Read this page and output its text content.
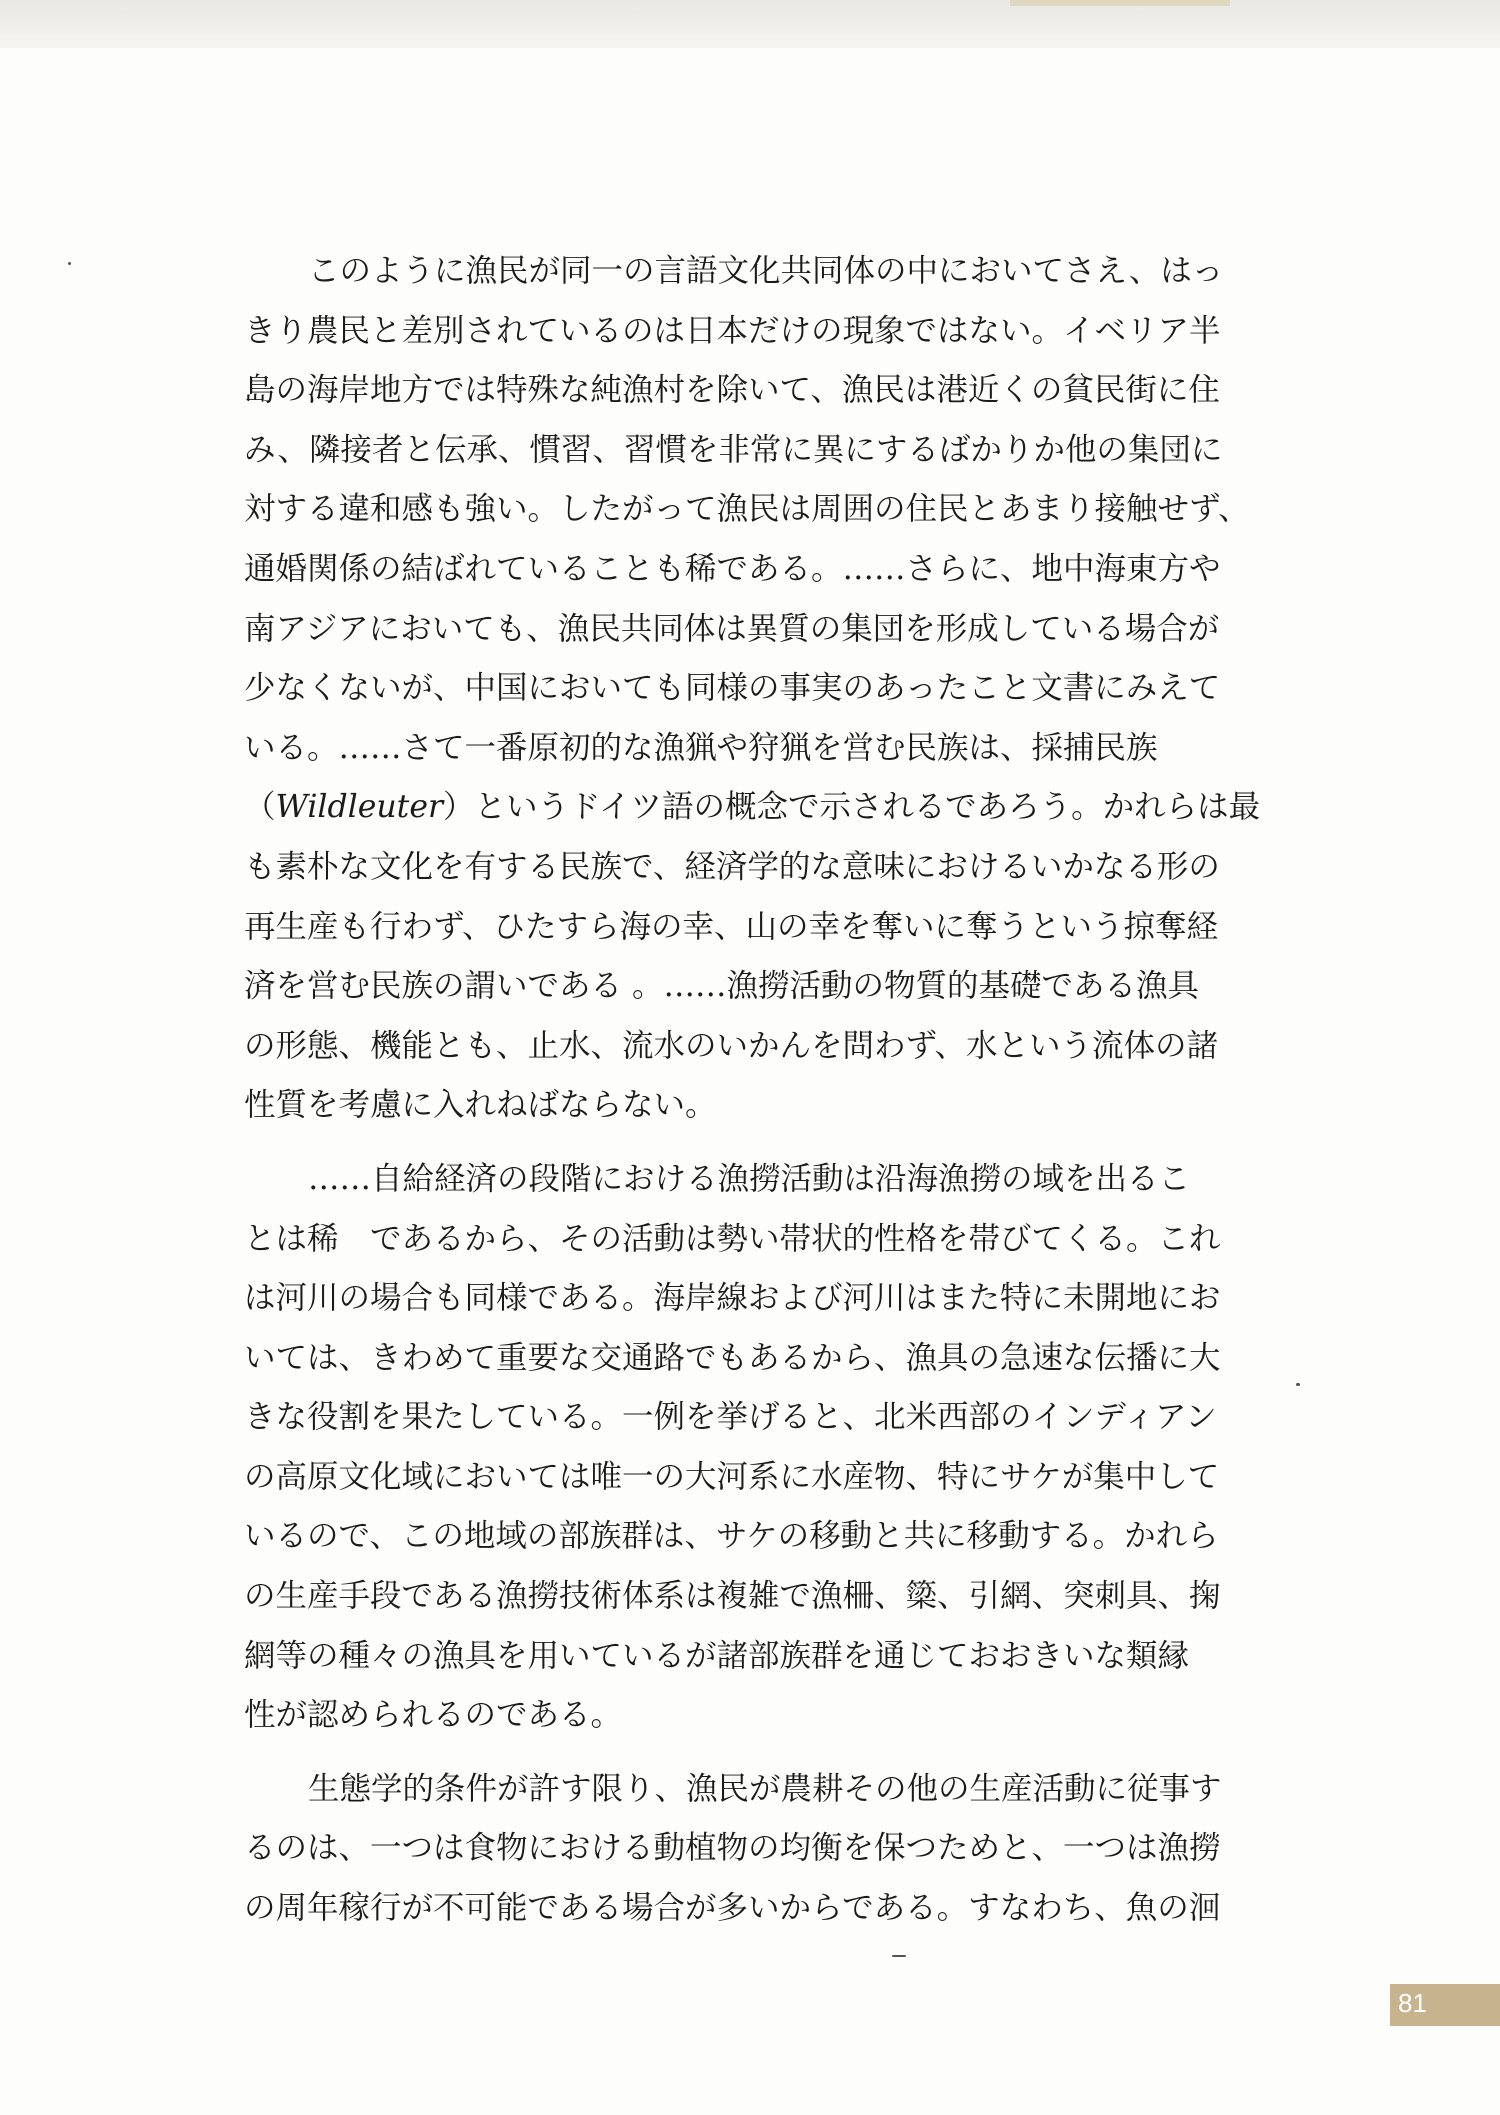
このように漁民が同一の言語文化共同体の中においてさえ、はっ
きり農民と差別されているのは日本だけの現象ではない。イベリア半
島の海岸地方では特殊な純漁村を除いて、漁民は港近くの貧民街に住
み、隣接者と伝承、慣習、習慣を非常に異にするばかりか他の集団に
対する違和感も強い。したがって漁民は周囲の住民とあまり接触せず、
通婚関係の結ばれていることも稀である。……さらに、地中海東方や
南アジアにおいても、漁民共同体は異質の集団を形成している場合が
少なくないが、中国においても同様の事実のあったこと文書にみえて
いる。……さて一番原初的な漁猟や狩猟を営む民族は、採捕民族
（Wildleuter）というドイツ語の概念で示されるであろう。かれらは最
も素朴な文化を有する民族で、経済学的な意味におけるいかなる形の
再生産も行わず、ひたすら海の幸、山の幸を奪いに奪うという掠奪経
済を営む民族の謂いである 。……漁撈活動の物質的基礎である漁具
の形態、機能とも、止水、流水のいかんを問わず、水という流体の諸
性質を考慮に入れねばならない。
……自給経済の段階における漁撈活動は沿海漁撈の域を出るこ
とは稀　であるから、その活動は勢い帯状的性格を帯びてくる。これ
は河川の場合も同様である。海岸線および河川はまた特に未開地にお
いては、きわめて重要な交通路でもあるから、漁具の急速な伝播に大
きな役割を果たしている。一例を挙げると、北米西部のインディアン
の高原文化域においては唯一の大河系に水産物、特にサケが集中して
いるので、この地域の部族群は、サケの移動と共に移動する。かれら
の生産手段である漁撈技術体系は複雑で漁柵、簗、引網、突刺具、掬
網等の種々の漁具を用いているが諸部族群を通じておおきいな類縁
性が認められるのである。
生態学的条件が許す限り、漁民が農耕その他の生産活動に従事す
るのは、一つは食物における動植物の均衡を保つためと、一つは漁撈
の周年稼行が不可能である場合が多いからである。すなわち、魚の洄
81
